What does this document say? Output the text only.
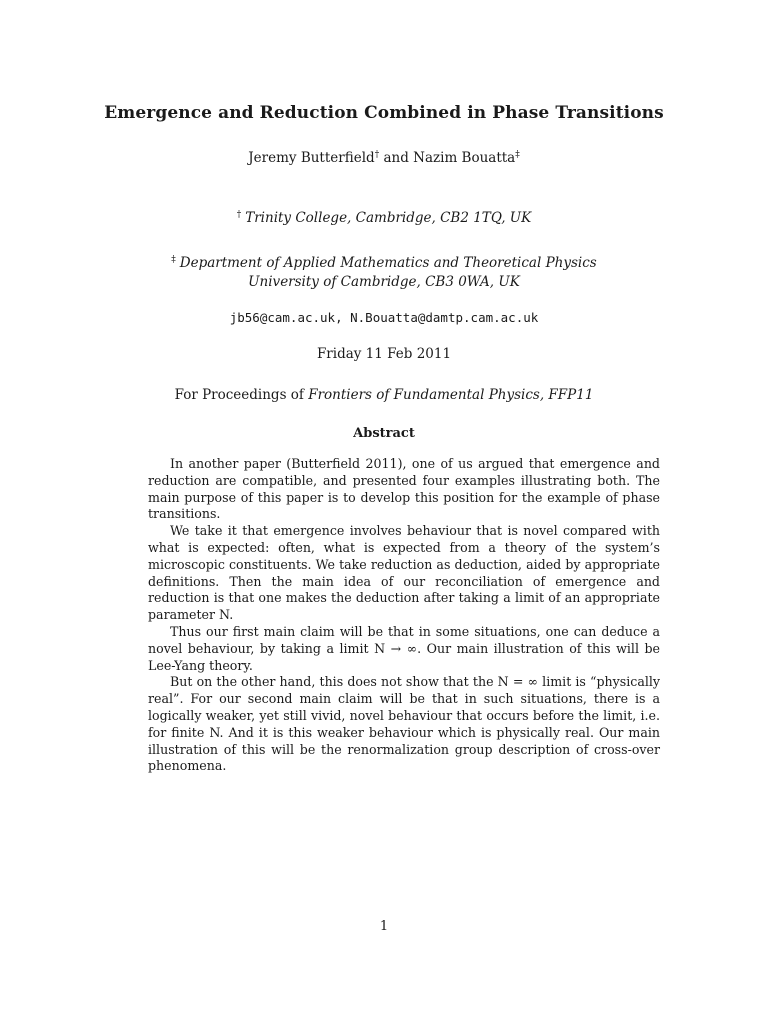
Emergence and Reduction Combined in Phase Transitions
Jeremy Butterfield† and Nazim Bouatta‡
† Trinity College, Cambridge, CB2 1TQ, UK
‡ Department of Applied Mathematics and Theoretical Physics
University of Cambridge, CB3 0WA, UK
jb56@cam.ac.uk, N.Bouatta@damtp.cam.ac.uk
Friday 11 Feb 2011
For Proceedings of Frontiers of Fundamental Physics, FFP11
Abstract

In another paper (Butterfield 2011), one of us argued that emergence and reduction are compatible, and presented four examples illustrating both. The main purpose of this paper is to develop this position for the example of phase transitions.

We take it that emergence involves behaviour that is novel compared with what is expected: often, what is expected from a theory of the system’s microscopic constituents. We take reduction as deduction, aided by appropriate definitions. Then the main idea of our reconciliation of emergence and reduction is that one makes the deduction after taking a limit of an appropriate parameter N.

Thus our first main claim will be that in some situations, one can deduce a novel behaviour, by taking a limit N → ∞. Our main illustration of this will be Lee-Yang theory.

But on the other hand, this does not show that the N = ∞ limit is “physically real”. For our second main claim will be that in such situations, there is a logically weaker, yet still vivid, novel behaviour that occurs before the limit, i.e. for finite N. And it is this weaker behaviour which is physically real. Our main illustration of this will be the renormalization group description of cross-over phenomena.

1
